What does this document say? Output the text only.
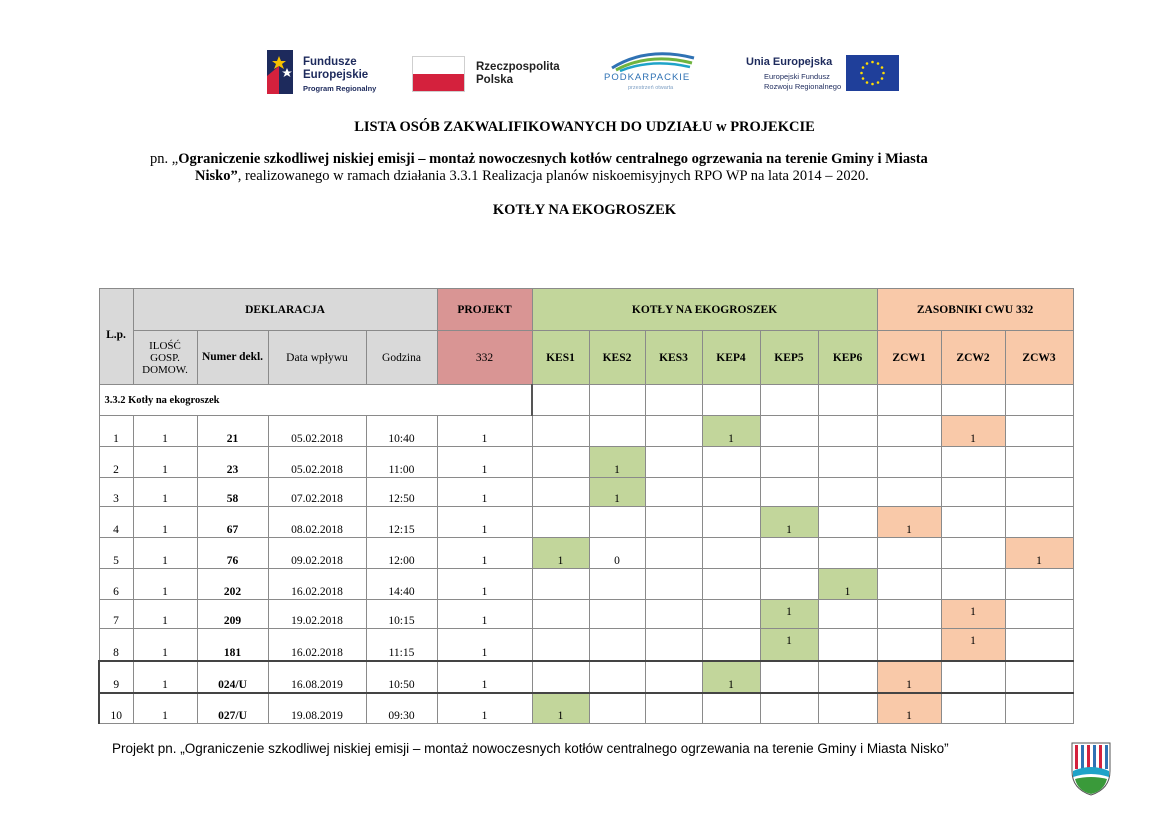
Fundusze
Europejskie
Program Regionalny
Rzeczpospolita
Polska	PODKARPACKIE
przestrzeń otwarta
Unia Europejska
Europejski Fundusz
Rozwoju Regionalnego
LISTA OSÓB ZAKWALIFIKOWANYCH DO UDZIAŁU w PROJEKCIE
pn. „Ograniczenie szkodliwej niskiej emisji – montaż nowoczesnych kotłów centralnego ogrzewania na terenie Gminy i Miasta
Nisko”, realizowanego w ramach działania 3.3.1 Realizacja planów niskoemisyjnych RPO WP na lata 2014 – 2020.
KOTŁY NA EKOGROSZEK
L.p.	DEKLARACJA				PROJEKT	KOTŁY NA EKOGROSZEK						ZASOBNIKI CWU 332		
	ILOŚĆ GOSP. DOMOW.	Numer dekl.	Data wpływu	Godzina	332	KES1	KES2	KES3	KEP4	KEP5	KEP6	ZCW1	ZCW2	ZCW3
3.3.2 Kotły na ekogroszek														
1	1	21	05.02.2018	10:40	1				1				1	
2	1	23	05.02.2018	11:00	1		1							
3	1	58	07.02.2018	12:50	1		1							
4	1	67	08.02.2018	12:15	1					1		1		
5	1	76	09.02.2018	12:00	1	1	0							1
6	1	202	16.02.2018	14:40	1						1			
7	1	209	19.02.2018	10:15	1					1			1	
8	1	181	16.02.2018	11:15	1					1			1	
9	1	024/U	16.08.2019	10:50	1				1			1		
10	1	027/U	19.08.2019	09:30	1	1						1		
Projekt pn. „Ograniczenie szkodliwej niskiej emisji – montaż nowoczesnych kotłów centralnego ogrzewania na terenie Gminy i Miasta Nisko”
